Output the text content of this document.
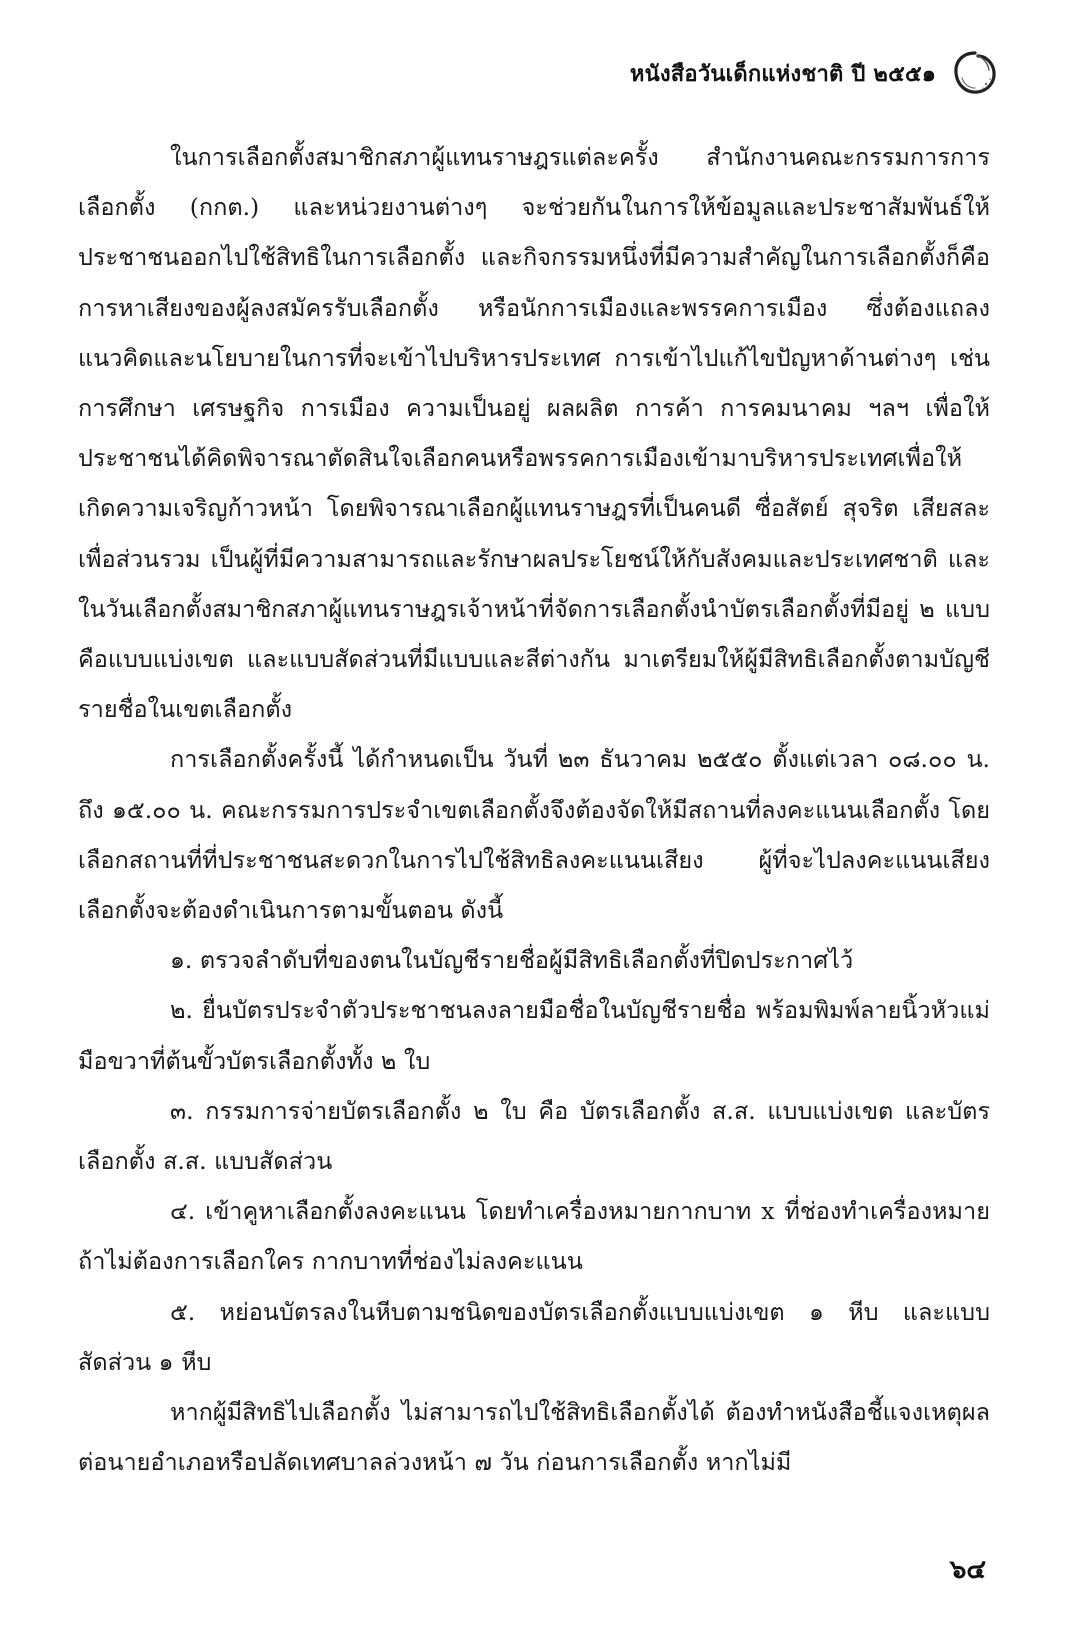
หนังสือวันเด็กแห่งชาติ ปี ๒๕๕๑

ในการเลือกตั้งสมาชิกสภาผู้แทนราษฎรแต่ละครั้ง สำนักงานคณะกรรมการการเลือกตั้ง (กกต.) และหน่วยงานต่างๆ จะช่วยกันในการให้ข้อมูลและประชาสัมพันธ์ให้ประชาชนออกไปใช้สิทธิในการเลือกตั้ง และกิจกรรมหนึ่งที่มีความสำคัญในการเลือกตั้งก็คือ การหาเสียงของผู้ลงสมัครรับเลือกตั้ง หรือนักการเมืองและพรรคการเมือง ซึ่งต้องแถลงแนวคิดและนโยบายในการที่จะเข้าไปบริหารประเทศ การเข้าไปแก้ไขปัญหาด้านต่างๆ เช่น การศึกษา เศรษฐกิจ การเมือง ความเป็นอยู่ ผลผลิต การค้า การคมนาคม ฯลฯ เพื่อให้ประชาชนได้คิดพิจารณาตัดสินใจเลือกคนหรือพรรคการเมืองเข้ามาบริหารประเทศเพื่อให้เกิดความเจริญก้าวหน้า โดยพิจารณาเลือกผู้แทนราษฎรที่เป็นคนดี ซื่อสัตย์ สุจริต เสียสละเพื่อส่วนรวม เป็นผู้ที่มีความสามารถและรักษาผลประโยชน์ให้กับสังคมและประเทศชาติ และในวันเลือกตั้งสมาชิกสภาผู้แทนราษฎรเจ้าหน้าที่จัดการเลือกตั้งนำบัตรเลือกตั้งที่มีอยู่ ๒ แบบ คือแบบแบ่งเขต และแบบสัดส่วนที่มีแบบและสีต่างกัน มาเตรียมให้ผู้มีสิทธิเลือกตั้งตามบัญชีรายชื่อในเขตเลือกตั้ง

การเลือกตั้งครั้งนี้ ได้กำหนดเป็น วันที่ ๒๓ ธันวาคม ๒๕๕๐ ตั้งแต่เวลา ๐๘.๐๐ น. ถึง ๑๕.๐๐ น. คณะกรรมการประจำเขตเลือกตั้งจึงต้องจัดให้มีสถานที่ลงคะแนนเลือกตั้ง โดยเลือกสถานที่ที่ประชาชนสะดวกในการไปใช้สิทธิลงคะแนนเสียง ผู้ที่จะไปลงคะแนนเสียงเลือกตั้งจะต้องดำเนินการตามขั้นตอน ดังนี้

๑. ตรวจลำดับที่ของตนในบัญชีรายชื่อผู้มีสิทธิเลือกตั้งที่ปิดประกาศไว้

๒. ยื่นบัตรประจำตัวประชาชนลงลายมือชื่อในบัญชีรายชื่อ พร้อมพิมพ์ลายนิ้วหัวแม่มือขวาที่ต้นขั้วบัตรเลือกตั้งทั้ง ๒ ใบ

๓. กรรมการจ่ายบัตรเลือกตั้ง ๒ ใบ คือ บัตรเลือกตั้ง ส.ส. แบบแบ่งเขต และบัตรเลือกตั้ง ส.ส. แบบสัดส่วน

๔. เข้าคูหาเลือกตั้งลงคะแนน โดยทำเครื่องหมายกากบาท x ที่ช่องทำเครื่องหมาย ถ้าไม่ต้องการเลือกใคร กากบาทที่ช่องไม่ลงคะแนน

๕. หย่อนบัตรลงในหีบตามชนิดของบัตรเลือกตั้งแบบแบ่งเขต ๑ หีบ และแบบสัดส่วน ๑ หีบ

หากผู้มีสิทธิไปเลือกตั้ง ไม่สามารถไปใช้สิทธิเลือกตั้งได้ ต้องทำหนังสือชี้แจงเหตุผลต่อนายอำเภอหรือปลัดเทศบาลล่วงหน้า ๗ วัน ก่อนการเลือกตั้ง หากไม่มี

๖๔
